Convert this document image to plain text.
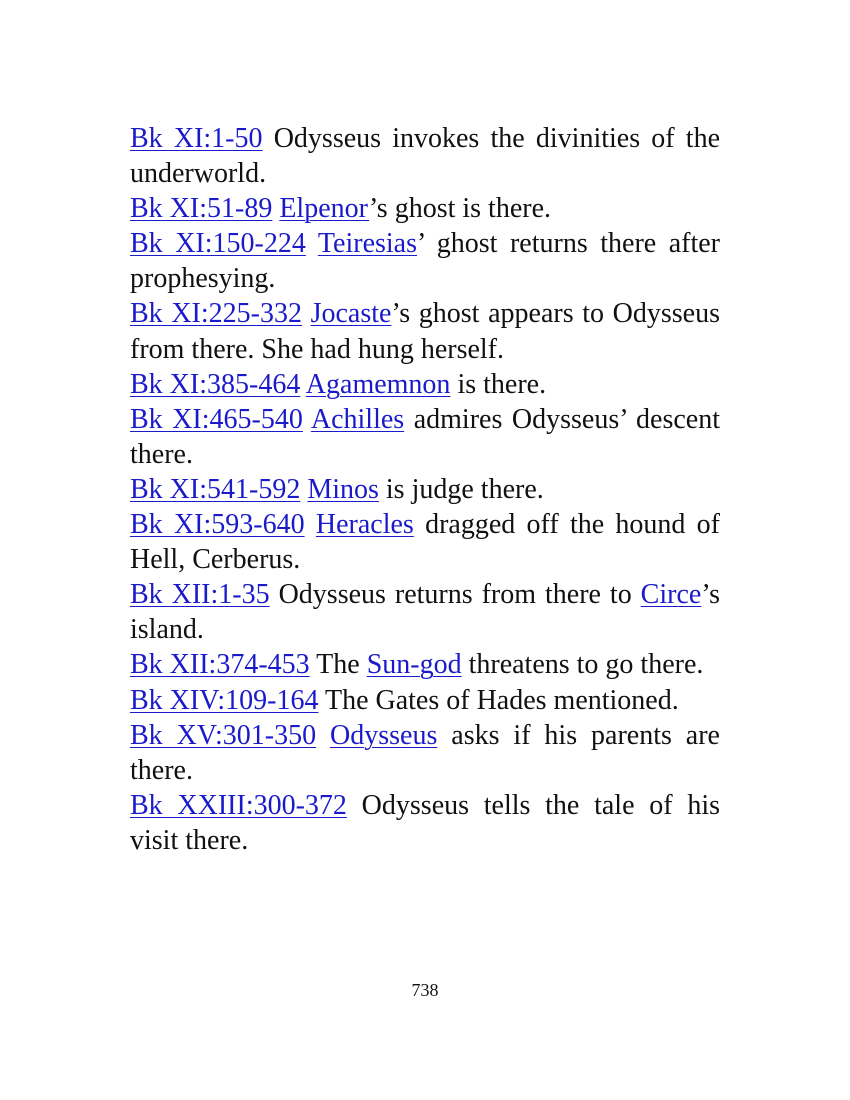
Bk XI:1-50 Odysseus invokes the divinities of the underworld.

Bk XI:51-89 Elpenor’s ghost is there.

Bk XI:150-224 Teiresias’ ghost returns there after prophesying.

Bk XI:225-332 Jocaste’s ghost appears to Odysseus from there. She had hung herself.

Bk XI:385-464 Agamemnon is there.

Bk XI:465-540 Achilles admires Odysseus’ descent there.

Bk XI:541-592 Minos is judge there.

Bk XI:593-640 Heracles dragged off the hound of Hell, Cerberus.

Bk XII:1-35 Odysseus returns from there to Circe’s island.

Bk XII:374-453 The Sun-god threatens to go there.

Bk XIV:109-164 The Gates of Hades mentioned.

Bk XV:301-350 Odysseus asks if his parents are there.

Bk XXIII:300-372 Odysseus tells the tale of his visit there.

738
